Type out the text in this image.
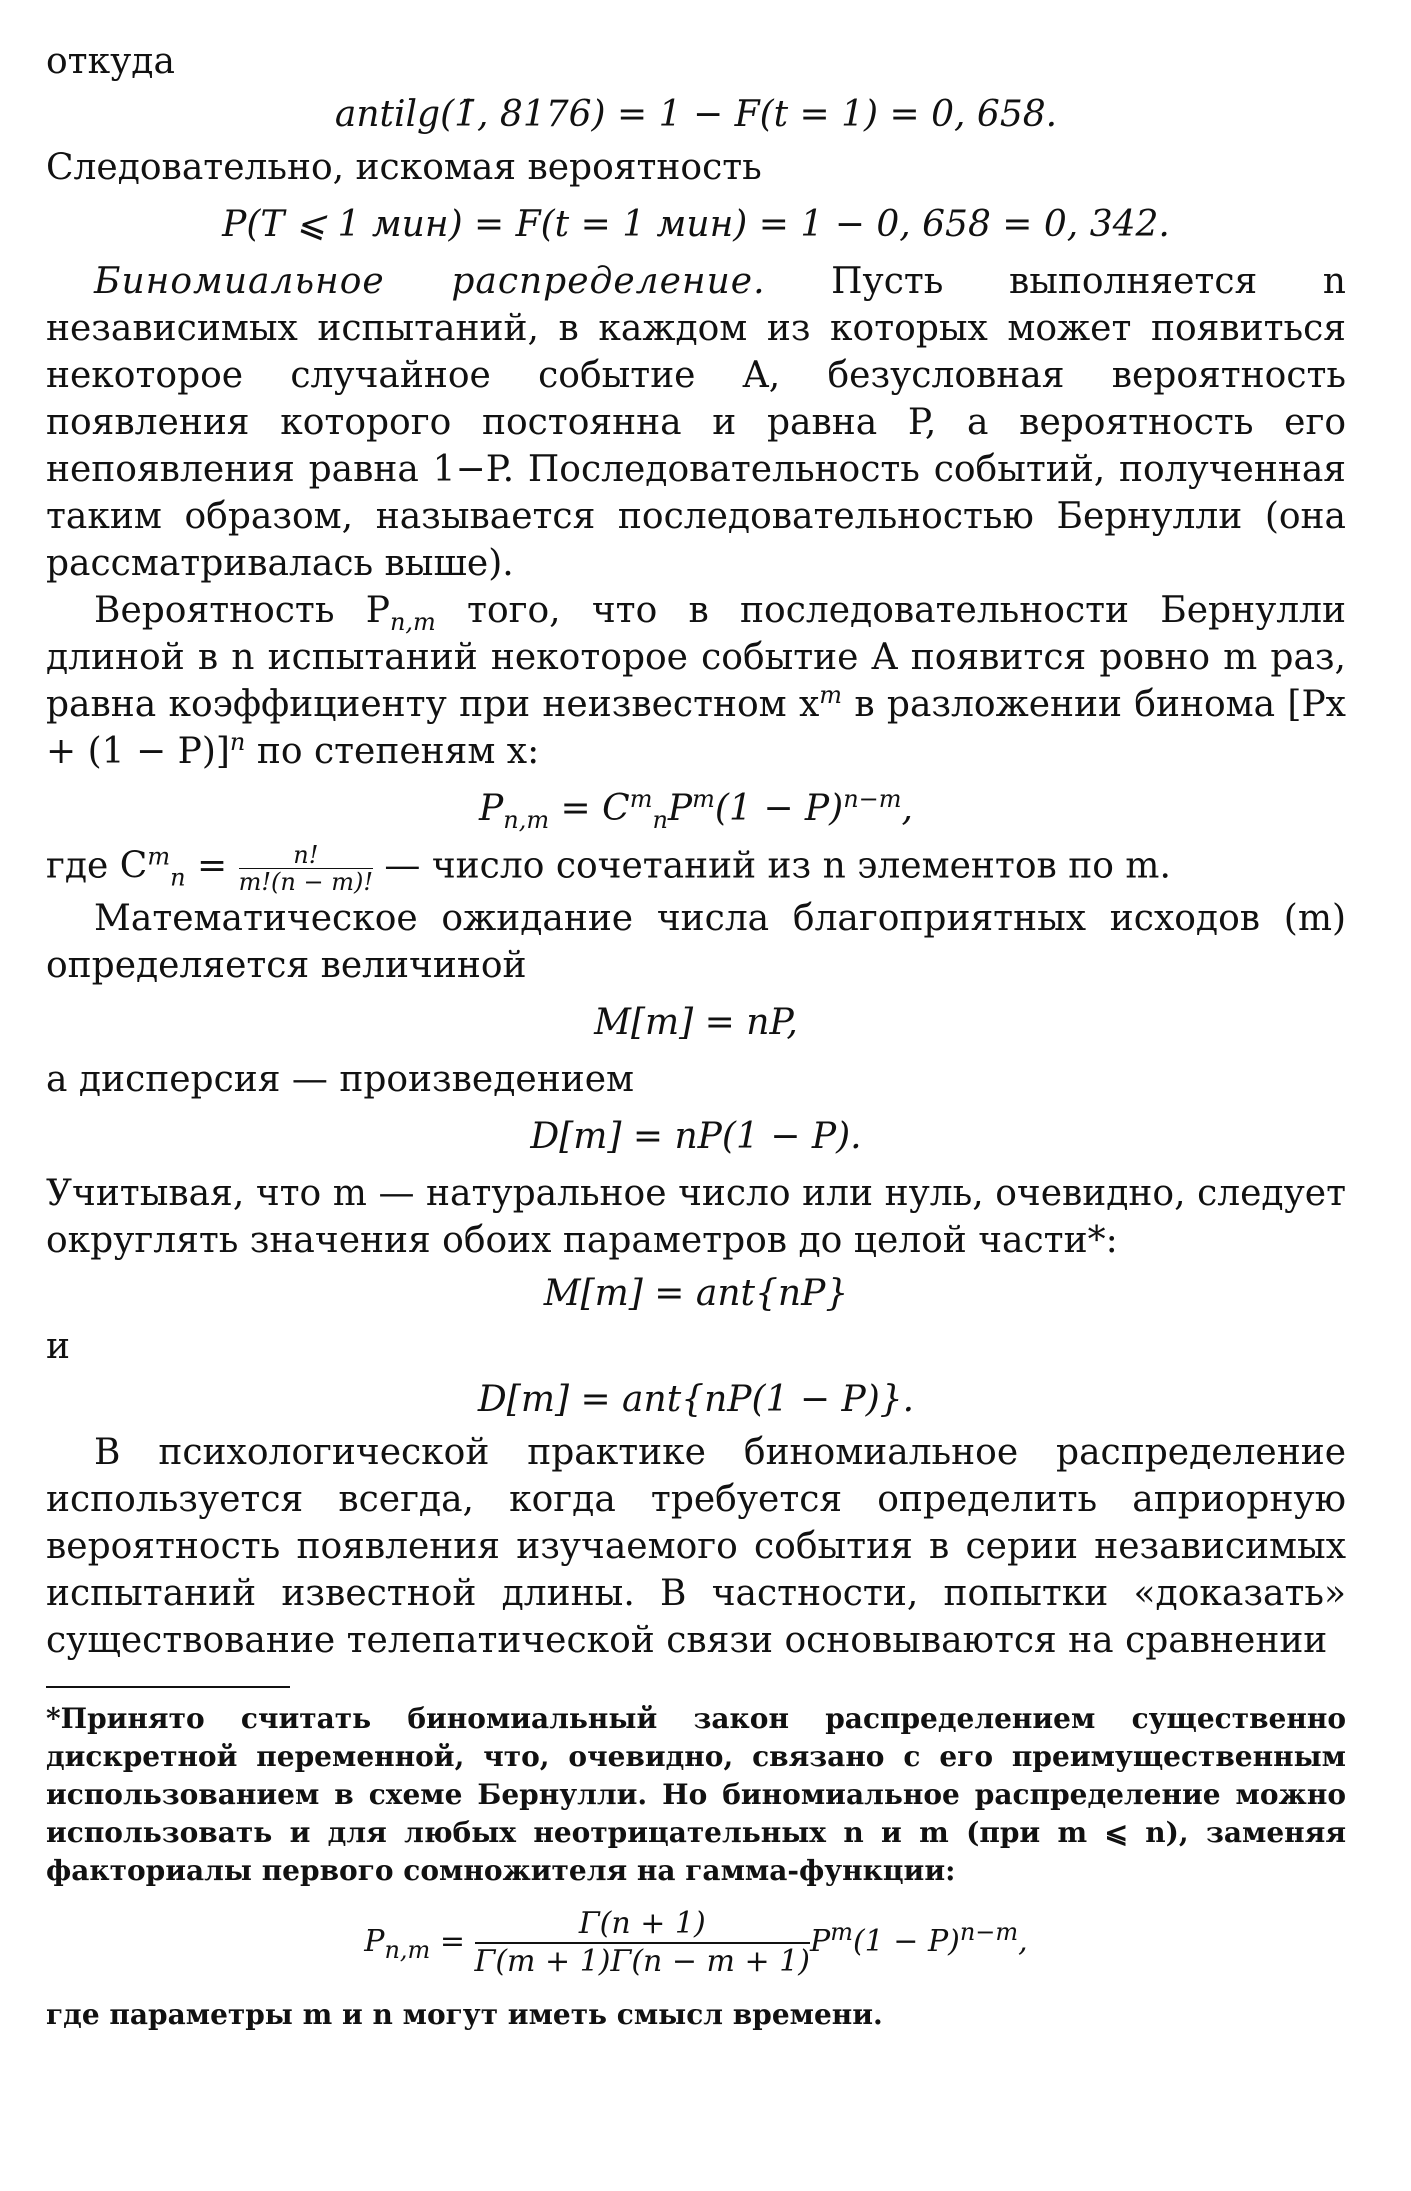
откуда

antilg(1̄, 8176) = 1 − F(t = 1) = 0, 658.

Следовательно, искомая вероятность

P(T ⩽ 1 мин) = F(t = 1 мин) = 1 − 0, 658 = 0, 342.

Биномиальное распределение. Пусть выполняется n независимых испытаний, в каждом из которых может появиться некоторое случайное событие A, безусловная вероятность появления которого постоянна и равна P, а вероятность его непоявления равна 1−P. Последовательность событий, полученная таким образом, называется последовательностью Бернулли (она рассматривалась выше).

Вероятность $P_{n,m}$ того, что в последовательности Бернулли длиной в n испытаний некоторое событие A появится ровно m раз, равна коэффициенту при неизвестном $x^m$ в разложении бинома $[Px + (1 - P)]^n$ по степеням x:

$P_{n,m} = C^m_nP^m(1 - P)^{n-m}$,

где $C^m_n = \frac{n!}{m!(n - m)!}$ — число сочетаний из n элементов по m.

Математическое ожидание числа благоприятных исходов (m) определяется величиной

M[m] = nP,

а дисперсия — произведением

D[m] = nP(1 − P).

Учитывая, что m — натуральное число или нуль, очевидно, следует округлять значения обоих параметров до целой части*:

M[m] = ant{nP}

и

D[m] = ant{nP(1 − P)}.

В психологической практике биномиальное распределение используется всегда, когда требуется определить априорную вероятность появления изучаемого события в серии независимых испытаний известной длины. В частности, попытки «доказать» существование телепатической связи основываются на сравнении

*Принято считать биномиальный закон распределением существенно дискретной переменной, что, очевидно, связано с его преимущественным использованием в схеме Бернулли. Но биномиальное распределение можно использовать и для любых неотрицательных n и m (при m ⩽ n), заменяя факториалы первого сомножителя на гамма-функции:

$P_{n,m} = \frac{\Gamma(n + 1)}{\Gamma(m + 1)\Gamma(n - m + 1)} P^m(1 - P)^{n-m}$,

где параметры m и n могут иметь смысл времени.
